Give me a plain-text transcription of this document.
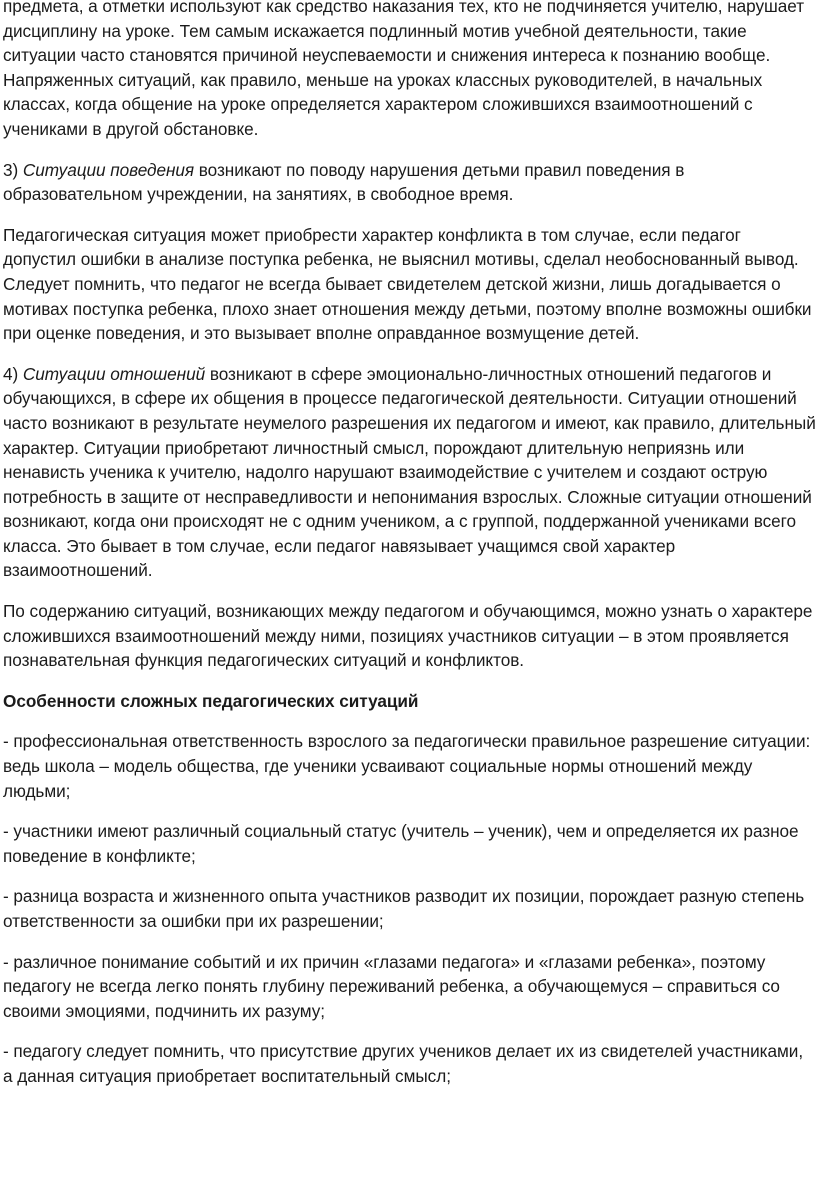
предмета, а отметки используют как средство наказания тех, кто не подчиняется учителю, нарушает дисциплину на уроке. Тем самым искажается подлинный мотив учебной деятельности, такие ситуации часто становятся причиной неуспеваемости и снижения интереса к познанию вообще. Напряженных ситуаций, как правило, меньше на уроках классных руководителей, в начальных классах, когда общение на уроке определяется характером сложившихся взаимоотношений с учениками в другой обстановке.

3) Ситуации поведения возникают по поводу нарушения детьми правил поведения в образовательном учреждении, на занятиях, в свободное время.

Педагогическая ситуация может приобрести характер конфликта в том случае, если педагог допустил ошибки в анализе поступка ребенка, не выяснил мотивы, сделал необоснованный вывод. Следует помнить, что педагог не всегда бывает свидетелем детской жизни, лишь догадывается о мотивах поступка ребенка, плохо знает отношения между детьми, поэтому вполне возможны ошибки при оценке поведения, и это вызывает вполне оправданное возмущение детей.

4) Ситуации отношений возникают в сфере эмоционально-личностных отношений педагогов и обучающихся, в сфере их общения в процессе педагогической деятельности. Ситуации отношений часто возникают в результате неумелого разрешения их педагогом и имеют, как правило, длительный характер. Ситуации приобретают личностный смысл, порождают длительную неприязнь или ненависть ученика к учителю, надолго нарушают взаимодействие с учителем и создают острую потребность в защите от несправедливости и непонимания взрослых. Сложные ситуации отношений возникают, когда они происходят не с одним учеником, а с группой, поддержанной учениками всего класса. Это бывает в том случае, если педагог навязывает учащимся свой характер взаимоотношений.

По содержанию ситуаций, возникающих между педагогом и обучающимся, можно узнать о характере сложившихся взаимоотношений между ними, позициях участников ситуации – в этом проявляется познавательная функция педагогических ситуаций и конфликтов.

Особенности сложных педагогических ситуаций

- профессиональная ответственность взрослого за педагогически правильное разрешение ситуации: ведь школа – модель общества, где ученики усваивают социальные нормы отношений между людьми;

- участники имеют различный социальный статус (учитель – ученик), чем и определяется их разное поведение в конфликте;

- разница возраста и жизненного опыта участников разводит их позиции, порождает разную степень ответственности за ошибки при их разрешении;

- различное понимание событий и их причин «глазами педагога» и «глазами ребенка», поэтому педагогу не всегда легко понять глубину переживаний ребенка, а обучающемуся – справиться со своими эмоциями, подчинить их разуму;

- педагогу следует помнить, что присутствие других учеников делает их из свидетелей участниками, а данная ситуация приобретает воспитательный смысл;
